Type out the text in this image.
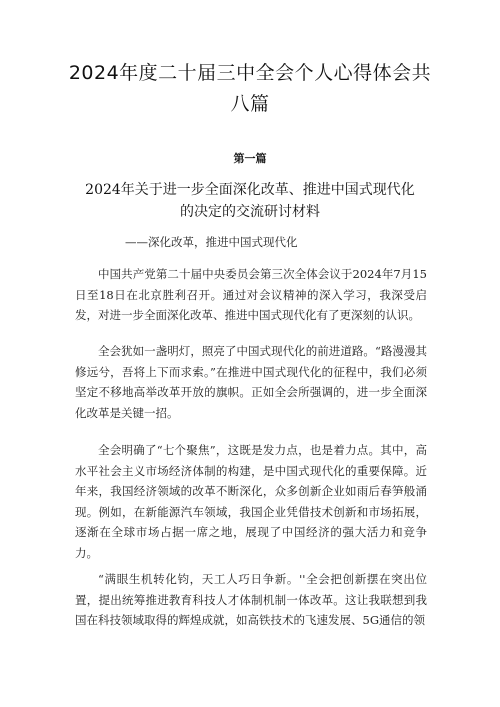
2024年度二十届三中全会个人心得体会共八篇
第一篇
2024年关于进一步全面深化改革、推进中国式现代化的决定的交流研讨材料
——深化改革，推进中国式现代化

中国共产党第二十届中央委员会第三次全体会议于2024年7月15日至18日在北京胜利召开。通过对会议精神的深入学习，我深受启发，对进一步全面深化改革、推进中国式现代化有了更深刻的认识。

全会犹如一盏明灯，照亮了中国式现代化的前进道路。“路漫漫其修远兮，吾将上下而求索。”在推进中国式现代化的征程中，我们必须坚定不移地高举改革开放的旗帜。正如全会所强调的，进一步全面深化改革是关键一招。

全会明确了“七个聚焦”，这既是发力点，也是着力点。其中，高水平社会主义市场经济体制的构建，是中国式现代化的重要保障。近年来，我国经济领域的改革不断深化，众多创新企业如雨后春笋般涌现。例如，在新能源汽车领域，我国企业凭借技术创新和市场拓展，逐渐在全球市场占据一席之地，展现了中国经济的强大活力和竞争力。

“满眼生机转化钧，天工人巧日争新。''全会把创新摆在突出位置，提出统筹推进教育科技人才体制机制一体改革。这让我联想到我国在科技领域取得的辉煌成就，如高铁技术的飞速发展、5G通信的领
